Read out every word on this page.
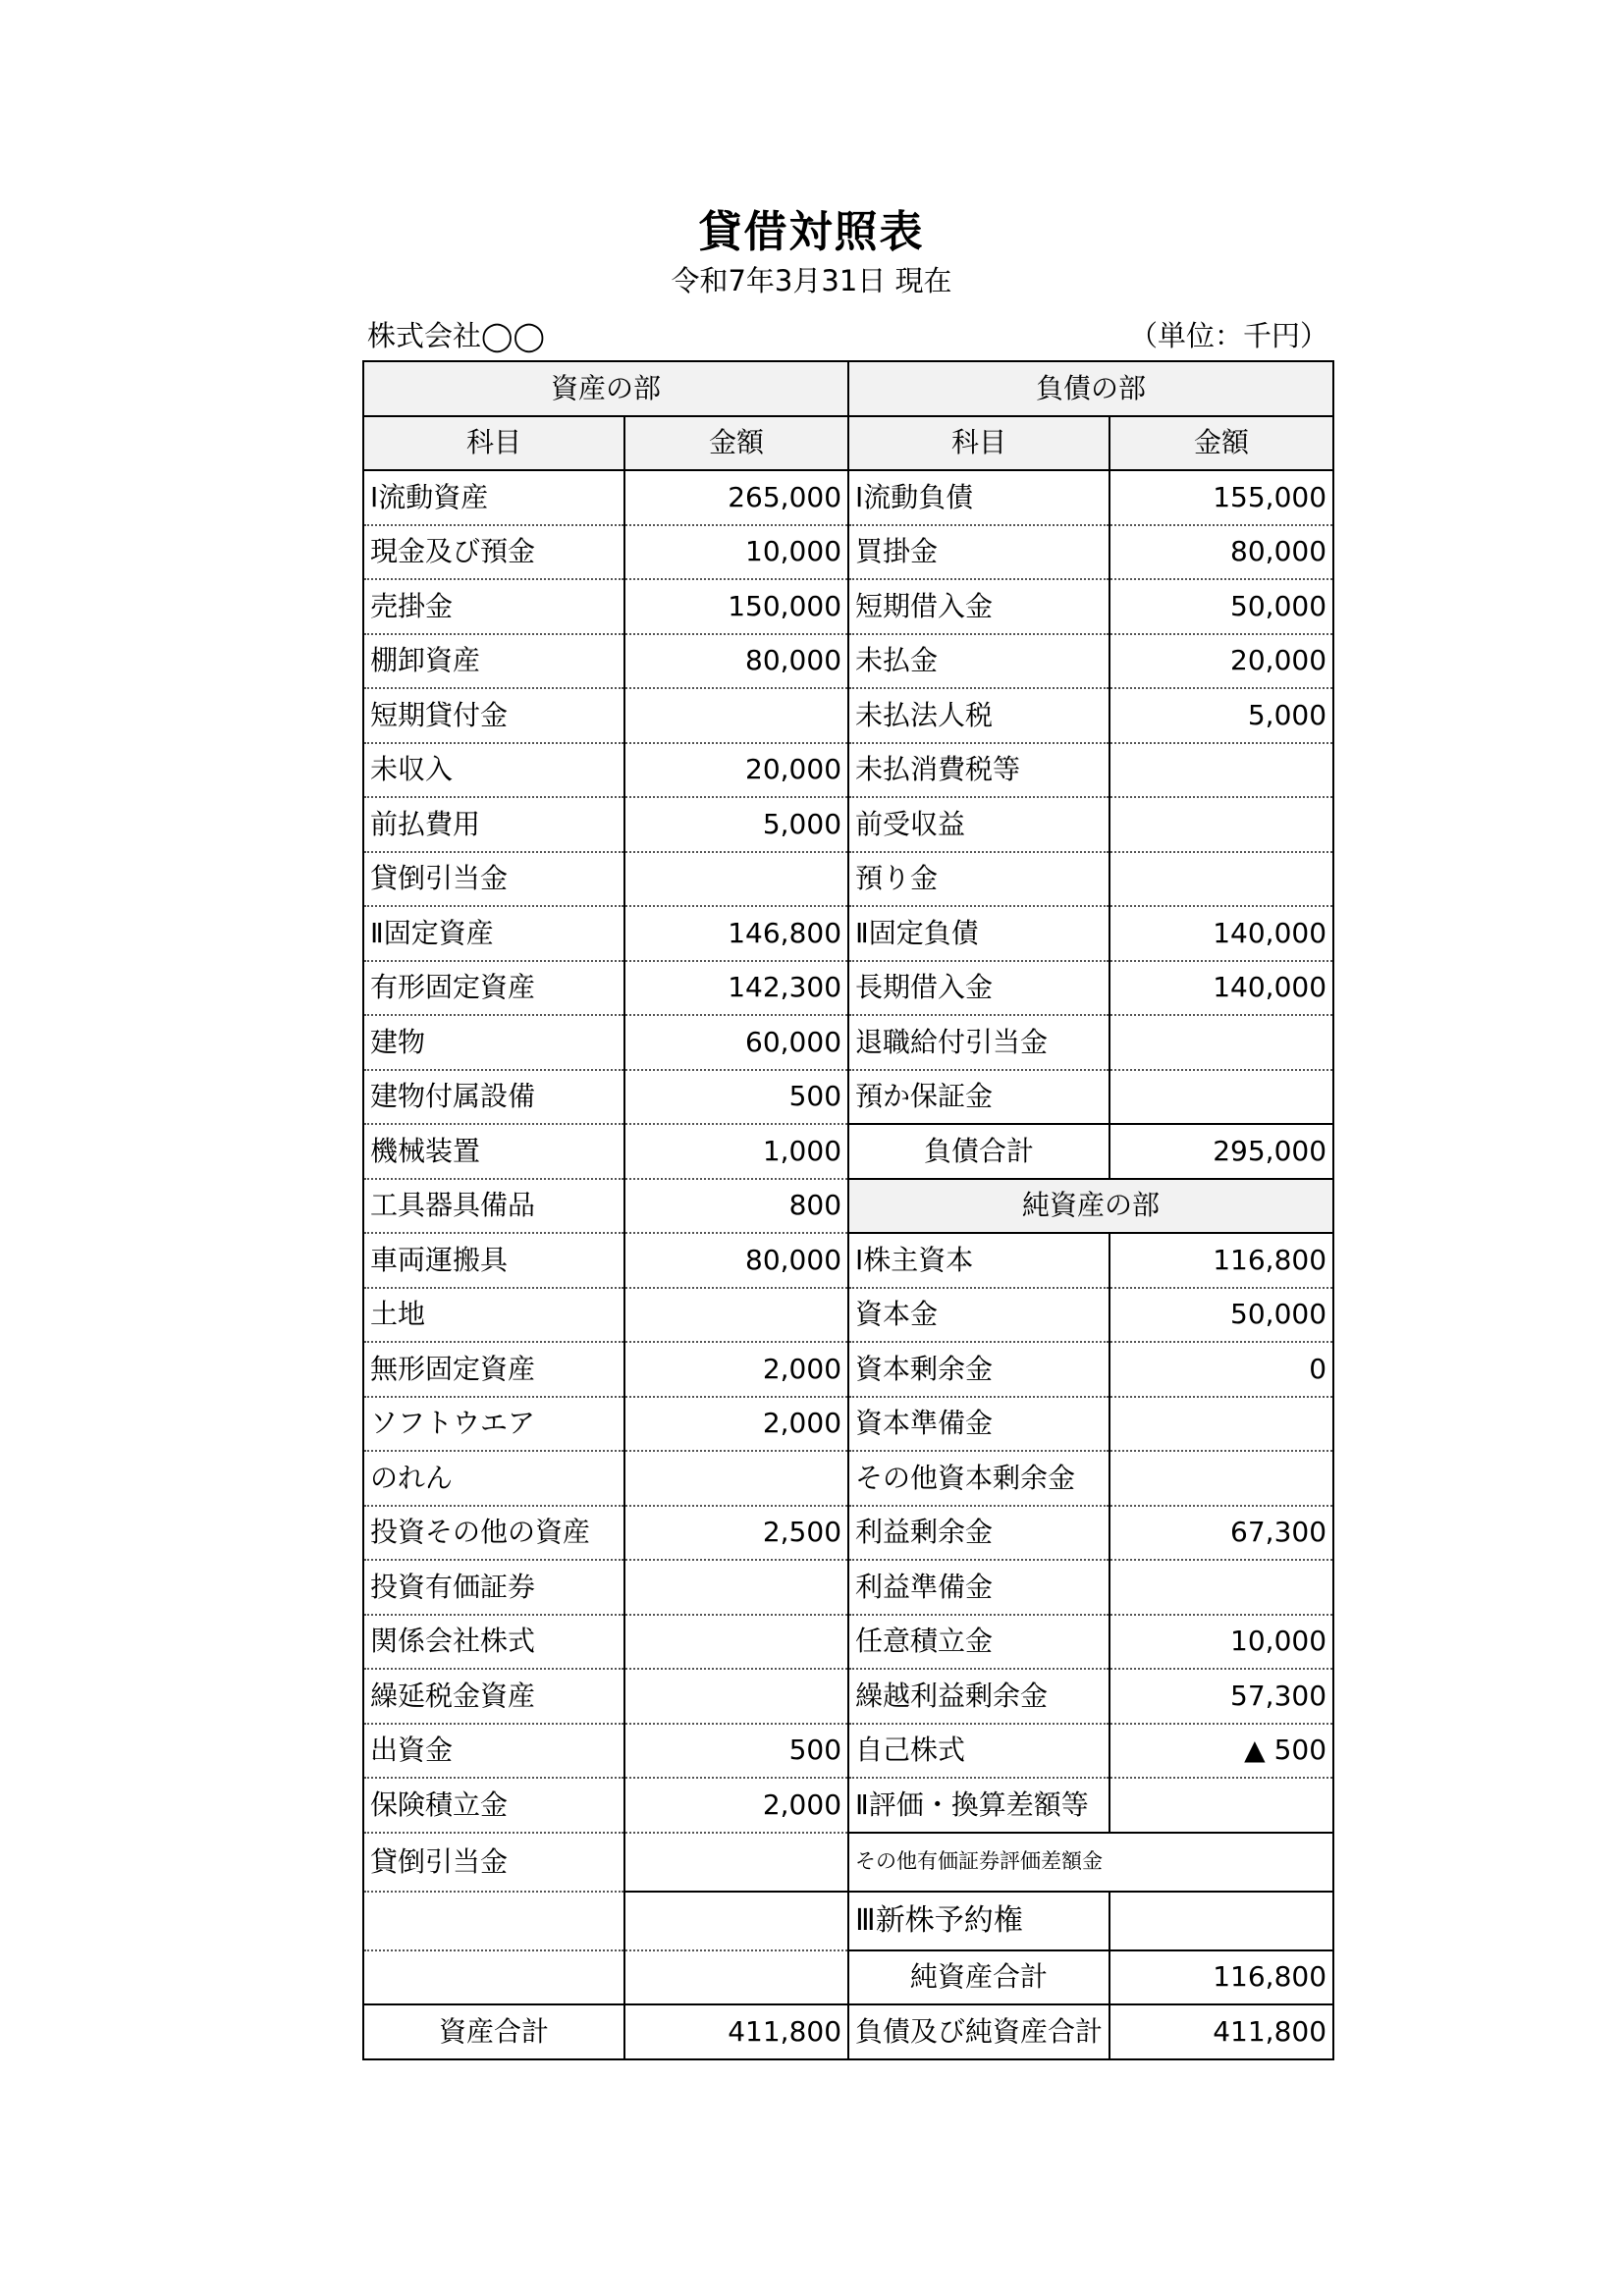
貸借対照表
令和7年3月31日 現在
株式会社◯◯	（単位：千円）
資産の部		負債の部	
科目	金額	科目	金額
Ⅰ流動資産	265,000	Ⅰ流動負債	155,000
現金及び預金	10,000	買掛金	80,000
売掛金	150,000	短期借入金	50,000
棚卸資産	80,000	未払金	20,000
短期貸付金		未払法人税	5,000
未収入	20,000	未払消費税等	
前払費用	5,000	前受収益	
貸倒引当金		預り金	
Ⅱ固定資産	146,800	Ⅱ固定負債	140,000
有形固定資産	142,300	長期借入金	140,000
建物	60,000	退職給付引当金	
建物付属設備	500	預か保証金	
機械装置	1,000	負債合計	295,000
工具器具備品	800	純資産の部	
車両運搬具	80,000	Ⅰ株主資本	116,800
土地		資本金	50,000
無形固定資産	2,000	資本剰余金	0
ソフトウエア	2,000	資本準備金	
のれん		その他資本剰余金	
投資その他の資産	2,500	利益剰余金	67,300
投資有価証券		利益準備金	
関係会社株式		任意積立金	10,000
繰延税金資産		繰越利益剰余金	57,300
出資金	500	自己株式	▲ 500
保険積立金	2,000	Ⅱ評価・換算差額等	
貸倒引当金		その他有価証券評価差額金	
		Ⅲ新株予約権	
		純資産合計	116,800
資産合計	411,800	負債及び純資産合計	411,800
